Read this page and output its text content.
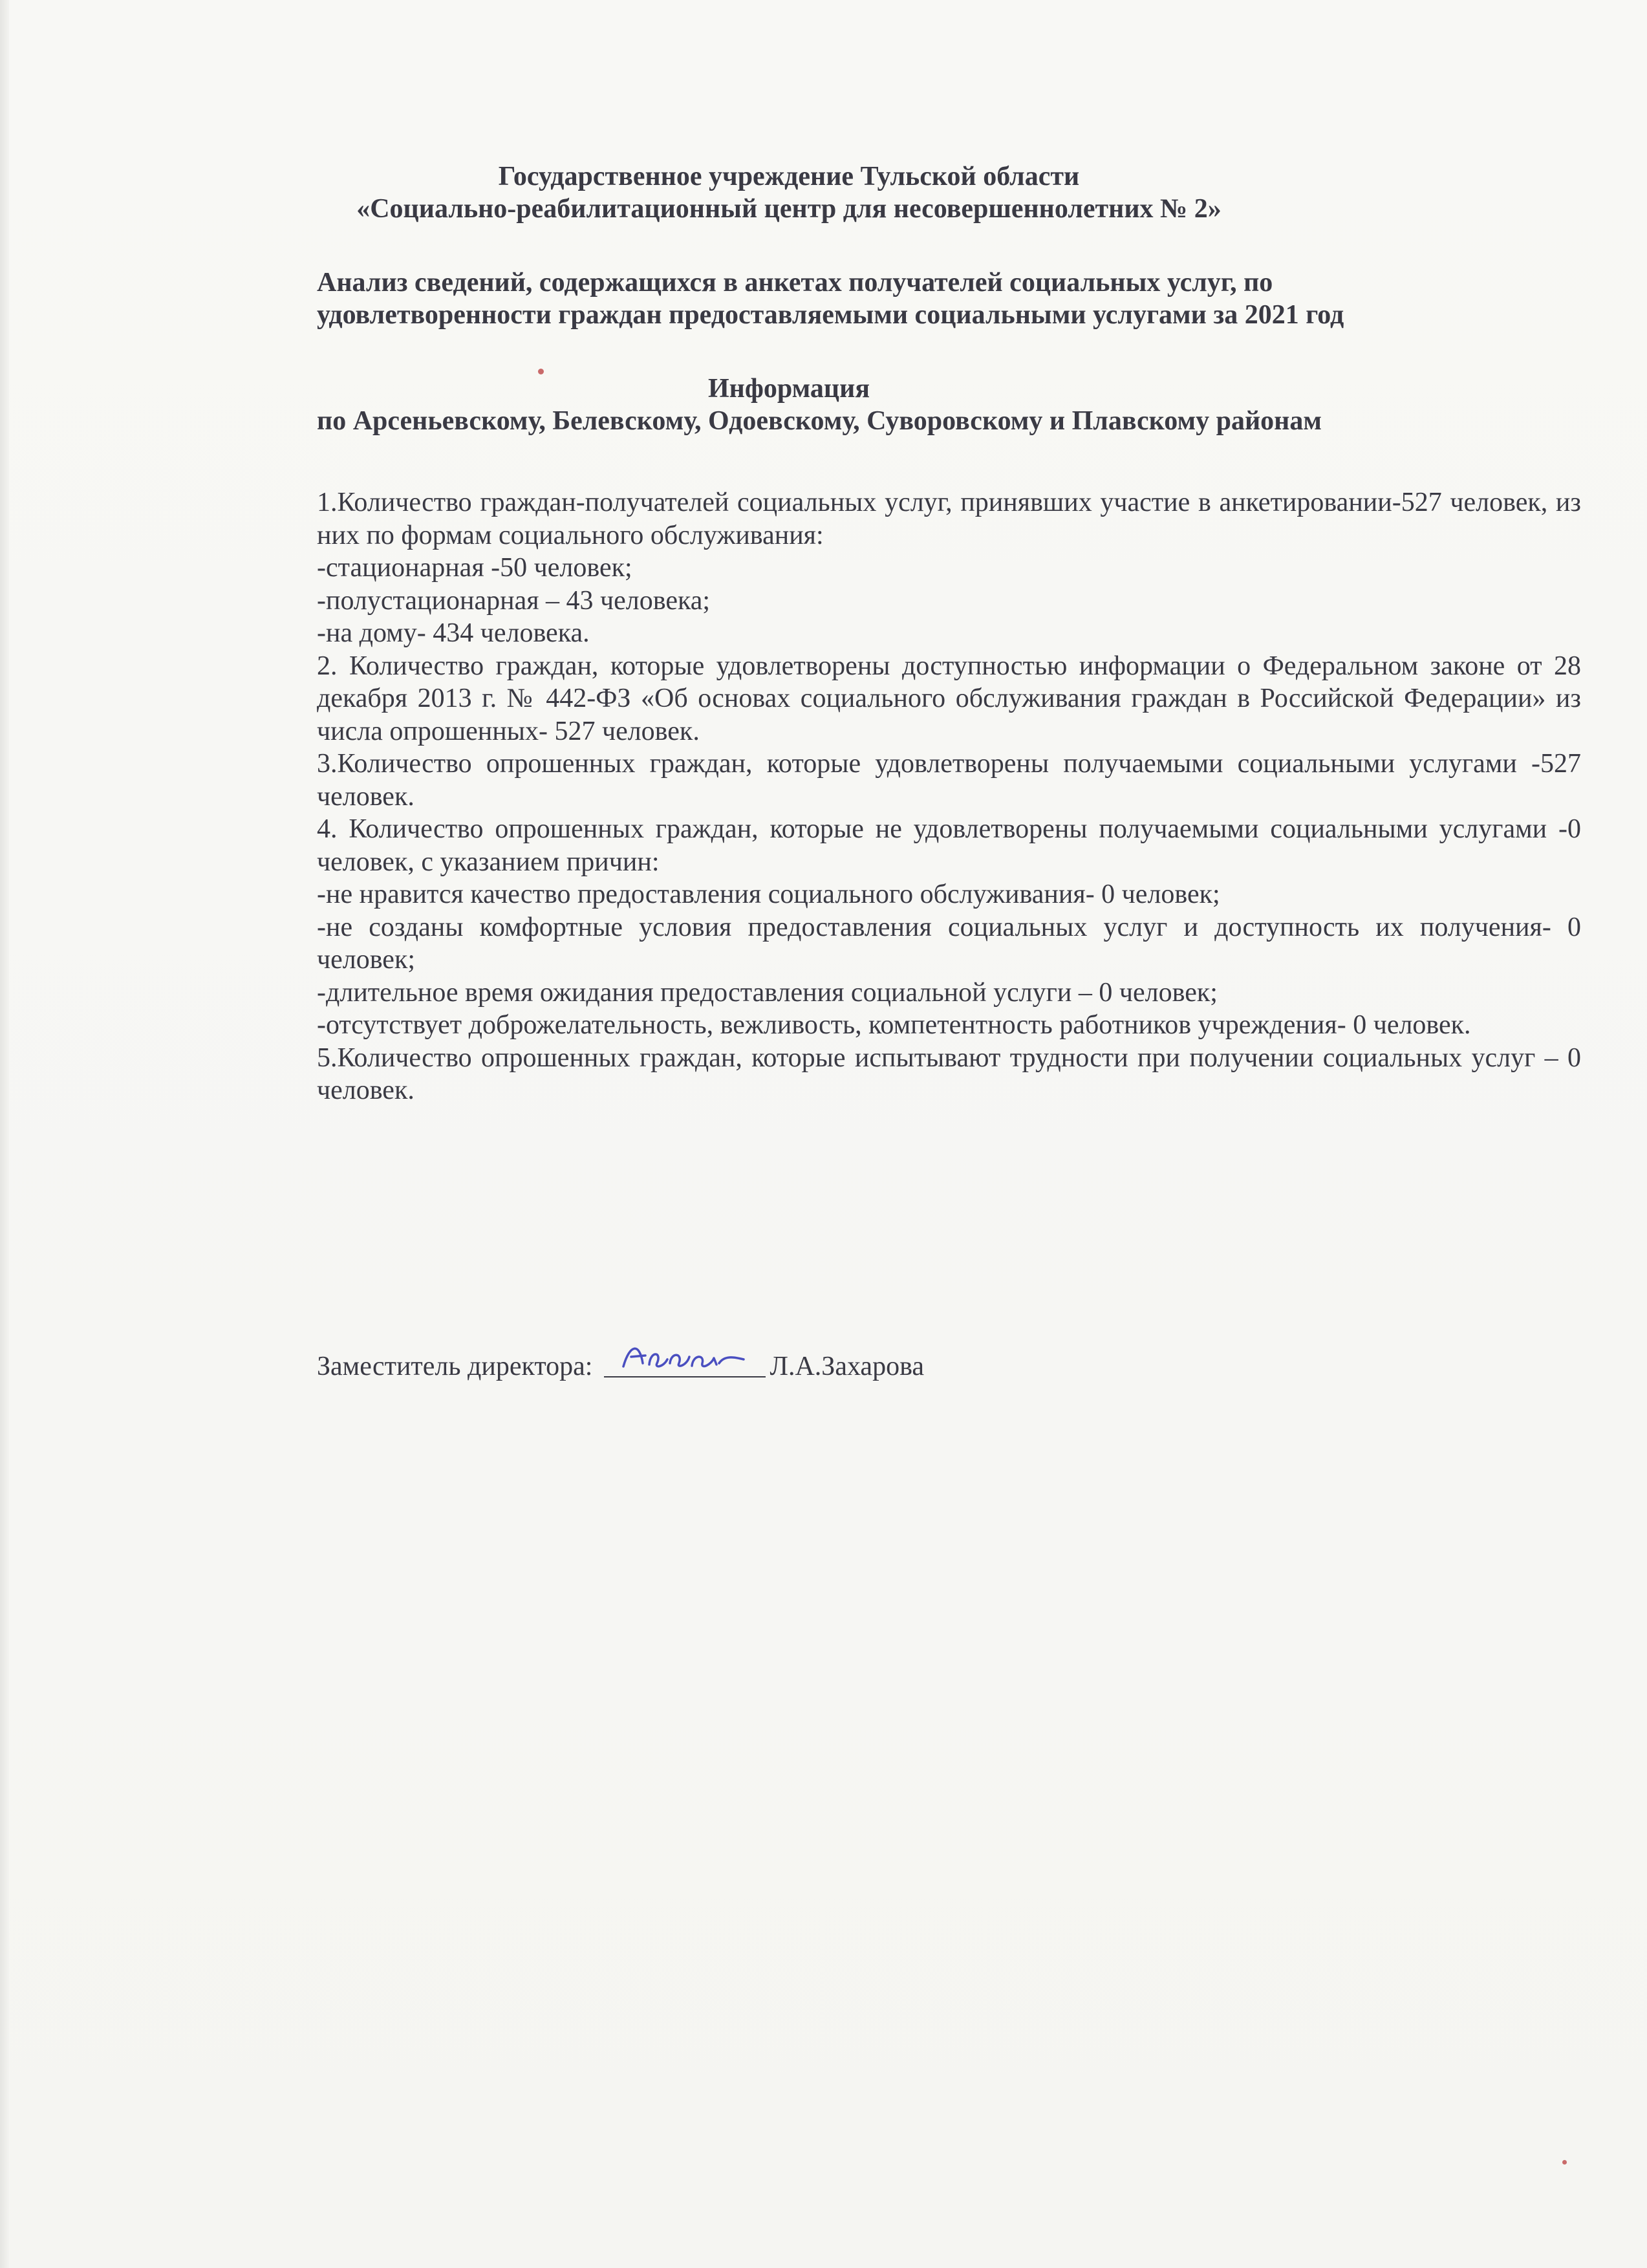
Государственное учреждение Тульской области
«Социально-реабилитационный центр для несовершеннолетних № 2»
Анализ сведений, содержащихся в анкетах получателей социальных услуг, по
удовлетворенности граждан предоставляемыми социальными услугами за 2021 год
Информация
по Арсеньевскому, Белевскому, Одоевскому, Суворовскому и Плавскому районам
1.Количество граждан-получателей социальных услуг, принявших участие в анкетировании-527 человек, из них по формам социального обслуживания:
-стационарная -50 человек;
-полустационарная – 43 человека;
-на дому- 434 человека.
2. Количество граждан, которые удовлетворены доступностью информации о Федеральном законе от 28 декабря 2013 г. № 442-ФЗ «Об основах социального обслуживания граждан в Российской Федерации» из числа опрошенных- 527 человек.
3.Количество опрошенных граждан, которые удовлетворены получаемыми социальными услугами -527 человек.
4. Количество опрошенных граждан, которые не удовлетворены получаемыми социальными услугами -0 человек, с указанием причин:
-не нравится качество предоставления социального обслуживания- 0 человек;
-не созданы комфортные условия предоставления социальных услуг и доступность их получения- 0 человек;
-длительное время ожидания предоставления социальной услуги – 0 человек;
-отсутствует доброжелательность, вежливость, компетентность работников учреждения- 0 человек.
5.Количество опрошенных граждан, которые испытывают трудности при получении социальных услуг – 0 человек.
Заместитель директора:	Л.А.Захарова
